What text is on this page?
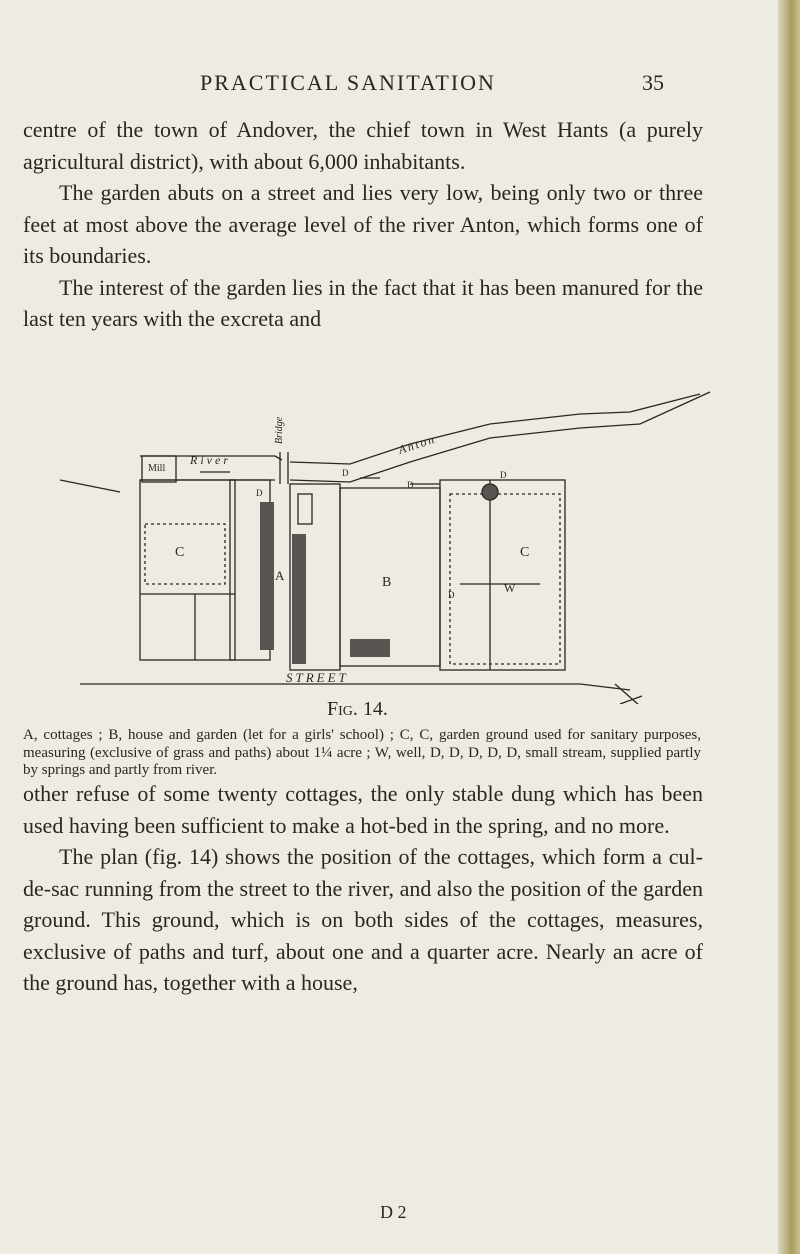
PRACTICAL SANITATION	35

centre of the town of Andover, the chief town in West Hants (a purely agricultural district), with about 6,000 inhabitants.

The garden abuts on a street and lies very low, being only two or three feet at most above the average level of the river Anton, which forms one of its boundaries.

The interest of the garden lies in the fact that it has been manured for the last ten years with the excreta and

Mill
River
Bridge
Anton
A	B
C	C
W
D
D
D	D
D
STREET
Fig. 14.

A, cottages ; B, house and garden (let for a girls' school) ; C, C, garden ground used for sanitary purposes, measuring (exclusive of grass and paths) about 1¼ acre ; W, well, D, D, D, D, D, small stream, supplied partly by springs and partly from river.

other refuse of some twenty cottages, the only stable dung which has been used having been sufficient to make a hot-bed in the spring, and no more.

The plan (fig. 14) shows the position of the cottages, which form a cul-de-sac running from the street to the river, and also the position of the garden ground. This ground, which is on both sides of the cottages, measures, exclusive of paths and turf, about one and a quarter acre. Nearly an acre of the ground has, together with a house,

D 2
